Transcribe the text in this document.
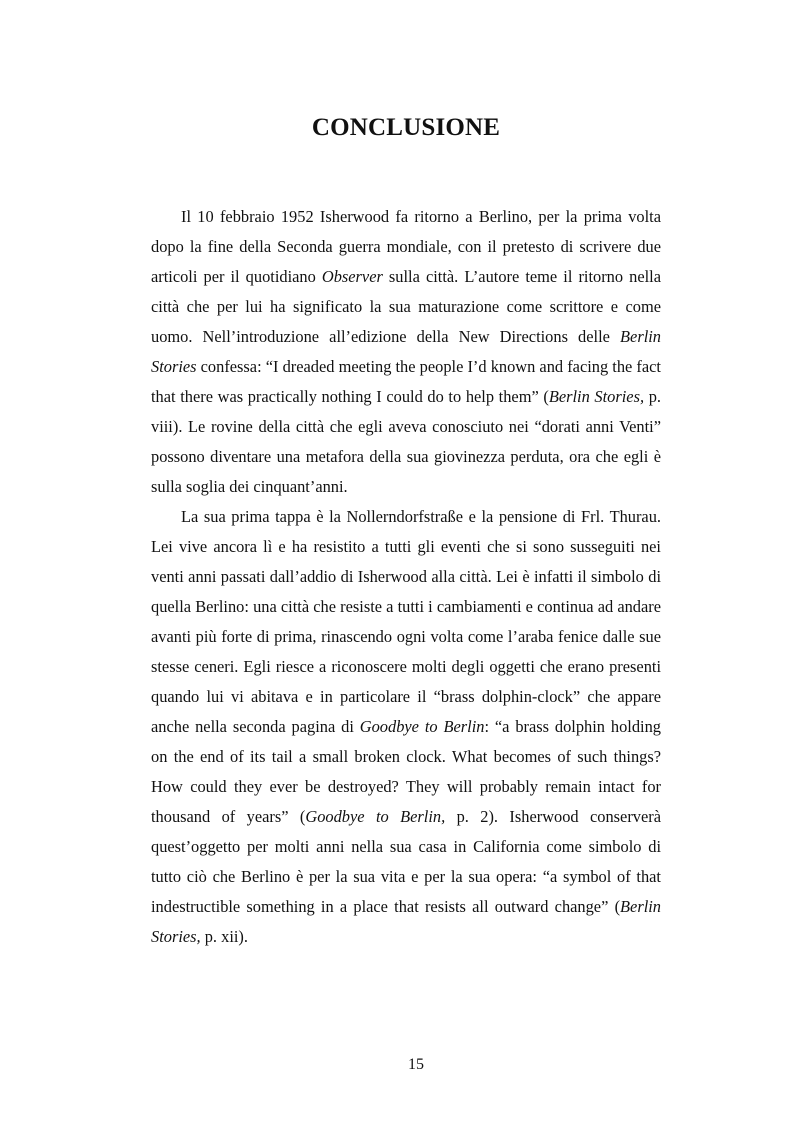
CONCLUSIONE

Il 10 febbraio 1952 Isherwood fa ritorno a Berlino, per la prima volta dopo la fine della Seconda guerra mondiale, con il pretesto di scrivere due articoli per il quotidiano Observer sulla città. L’autore teme il ritorno nella città che per lui ha significato la sua maturazione come scrittore e come uomo. Nell’introduzione all’edizione della New Directions delle Berlin Stories confessa: “I dreaded meeting the people I’d known and facing the fact that there was practically nothing I could do to help them” (Berlin Stories, p. viii). Le rovine della città che egli aveva conosciuto nei “dorati anni Venti” possono diventare una metafora della sua giovinezza perduta, ora che egli è sulla soglia dei cinquant’anni.

La sua prima tappa è la Nollerndorfstraße e la pensione di Frl. Thurau. Lei vive ancora lì e ha resistito a tutti gli eventi che si sono susseguiti nei venti anni passati dall’addio di Isherwood alla città. Lei è infatti il simbolo di quella Berlino: una città che resiste a tutti i cambiamenti e continua ad andare avanti più forte di prima, rinascendo ogni volta come l’araba fenice dalle sue stesse ceneri. Egli riesce a riconoscere molti degli oggetti che erano presenti quando lui vi abitava e in particolare il “brass dolphin-clock” che appare anche nella seconda pagina di Goodbye to Berlin: “a brass dolphin holding on the end of its tail a small broken clock. What becomes of such things? How could they ever be destroyed? They will probably remain intact for thousand of years” (Goodbye to Berlin, p. 2). Isherwood conserverà quest’oggetto per molti anni nella sua casa in California come simbolo di tutto ciò che Berlino è per la sua vita e per la sua opera: “a symbol of that indestructible something in a place that resists all outward change” (Berlin Stories, p. xii).

15
